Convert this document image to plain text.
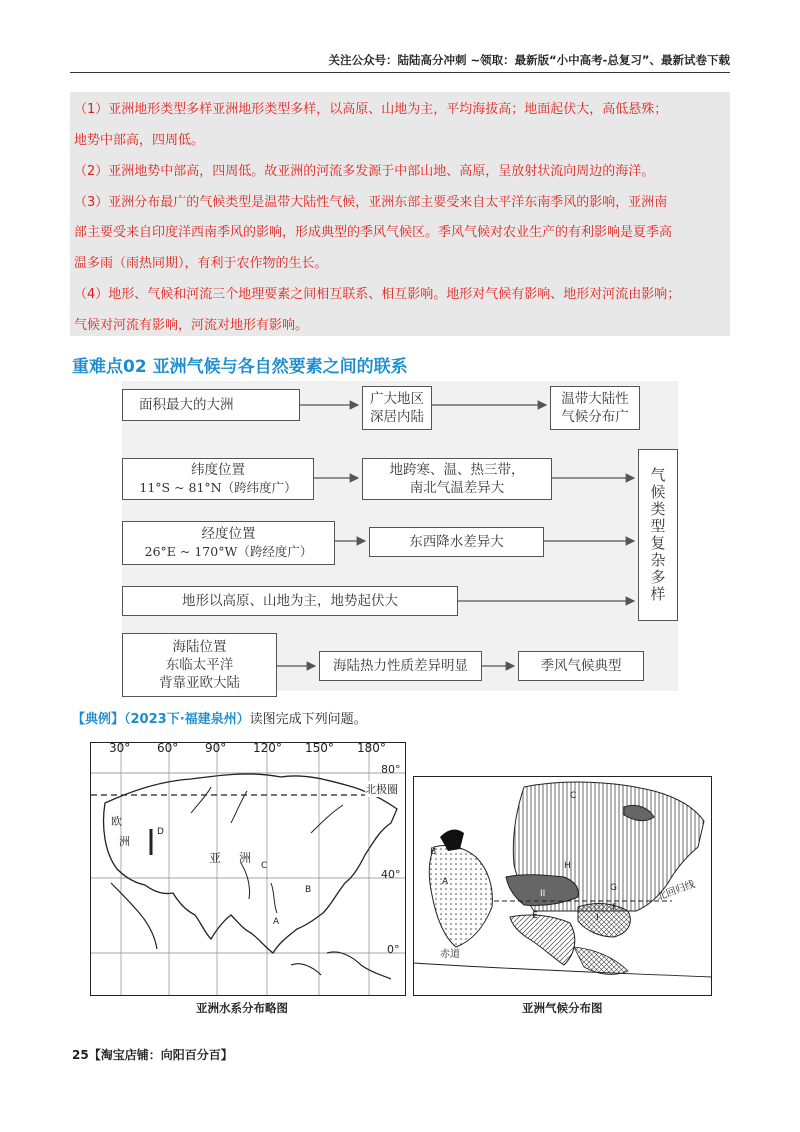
关注公众号：陆陆高分冲刺 ~领取：最新版“小中高考-总复习”、最新试卷下载
（1）亚洲地形类型多样亚洲地形类型多样，以高原、山地为主，平均海拔高；地面起伏大，高低悬殊；
地势中部高，四周低。
（2）亚洲地势中部高，四周低。故亚洲的河流多发源于中部山地、高原，呈放射状流向周边的海洋。
（3）亚洲分布最广的气候类型是温带大陆性气候，亚洲东部主要受来自太平洋东南季风的影响，亚洲南
部主要受来自印度洋西南季风的影响，形成典型的季风气候区。季风气候对农业生产的有利影响是夏季高
温多雨（雨热同期），有利于农作物的生长。
（4）地形、气候和河流三个地理要素之间相互联系、相互影响。地形对气候有影响、地形对河流由影响；
气候对河流有影响，河流对地形有影响。
重难点02 亚洲气候与各自然要素之间的联系
面积最大的大洲	广大地区
深居内陆
温带大陆性
气候分布广
纬度位置
11°S ~ 81°N（跨纬度广）
地跨寒、温、热三带，
南北气温差异大
经度位置
26°E ~ 170°W（跨经度广）
东西降水差异大
地形以高原、山地为主，地势起伏大
海陆位置
东临太平洋
背靠亚欧大陆
海陆热力性质差异明显	季风气候典型
气
候
类
型
复
杂
多
样
【典例】（2023下·福建泉州）读图完成下列问题。
30° 60° 90° 120° 150° 180°
80°
40°
0°
北极圈
欧
洲
亚 洲
D
B
C
A
亚洲水系分布略图
C
B
H
A
II
E
G
F
I
北回归线
赤道
亚洲气候分布图
25【淘宝店铺：向阳百分百】
